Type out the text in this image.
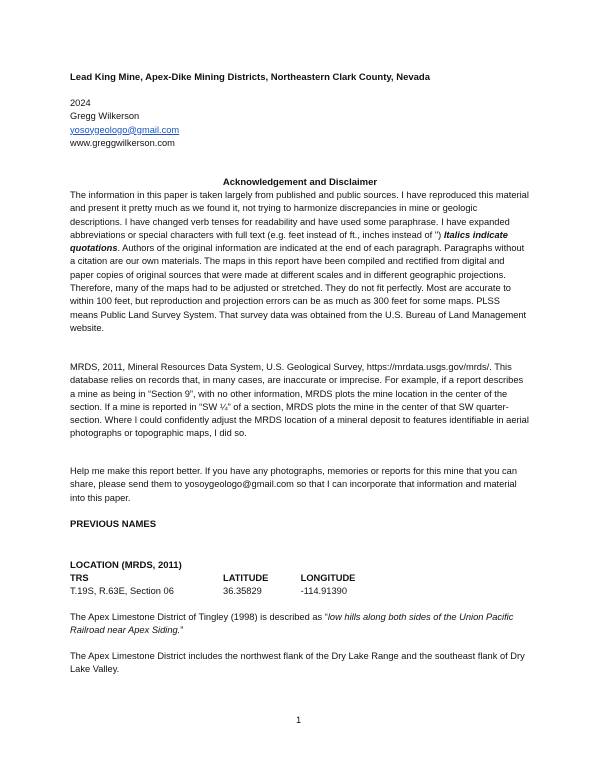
Lead King Mine, Apex-Dike Mining Districts, Northeastern Clark County, Nevada
2024
Gregg Wilkerson
yosoygeologo@gmail.com
www.greggwilkerson.com
Acknowledgement and Disclaimer
The information in this paper is taken largely from published and public sources. I have reproduced this material and present it pretty much as we found it, not trying to harmonize discrepancies in mine or geologic descriptions. I have changed verb tenses for readability and have used some paraphrase. I have expanded abbreviations or special characters with full text (e.g. feet instead of ft., inches instead of ") Italics indicate quotations. Authors of the original information are indicated at the end of each paragraph. Paragraphs without a citation are our own materials. The maps in this report have been compiled and rectified from digital and paper copies of original sources that were made at different scales and in different geographic projections. Therefore, many of the maps had to be adjusted or stretched. They do not fit perfectly. Most are accurate to within 100 feet, but reproduction and projection errors can be as much as 300 feet for some maps. PLSS means Public Land Survey System. That survey data was obtained from the U.S. Bureau of Land Management website.
MRDS, 2011, Mineral Resources Data System, U.S. Geological Survey, https://mrdata.usgs.gov/mrds/. This database relies on records that, in many cases, are inaccurate or imprecise. For example, if a report describes a mine as being in “Section 9”, with no other information, MRDS plots the mine location in the center of the section. If a mine is reported in “SW ¼” of a section, MRDS plots the mine in the center of that SW quarter-section. Where I could confidently adjust the MRDS location of a mineral deposit to features identifiable in aerial photographs or topographic maps, I did so.
Help me make this report better. If you have any photographs, memories or reports for this mine that you can share, please send them to yosoygeologo@gmail.com so that I can incorporate that information and material into this paper.
PREVIOUS NAMES
LOCATION (MRDS, 2011)
TRS	LATITUDE	LONGITUDE
T.19S, R.63E, Section 06	36.35829	-114.91390
The Apex Limestone District of Tingley (1998) is described as “low hills along both sides of the Union Pacific Railroad near Apex Siding.”
The Apex Limestone District includes the northwest flank of the Dry Lake Range and the southeast flank of Dry Lake Valley.
1
